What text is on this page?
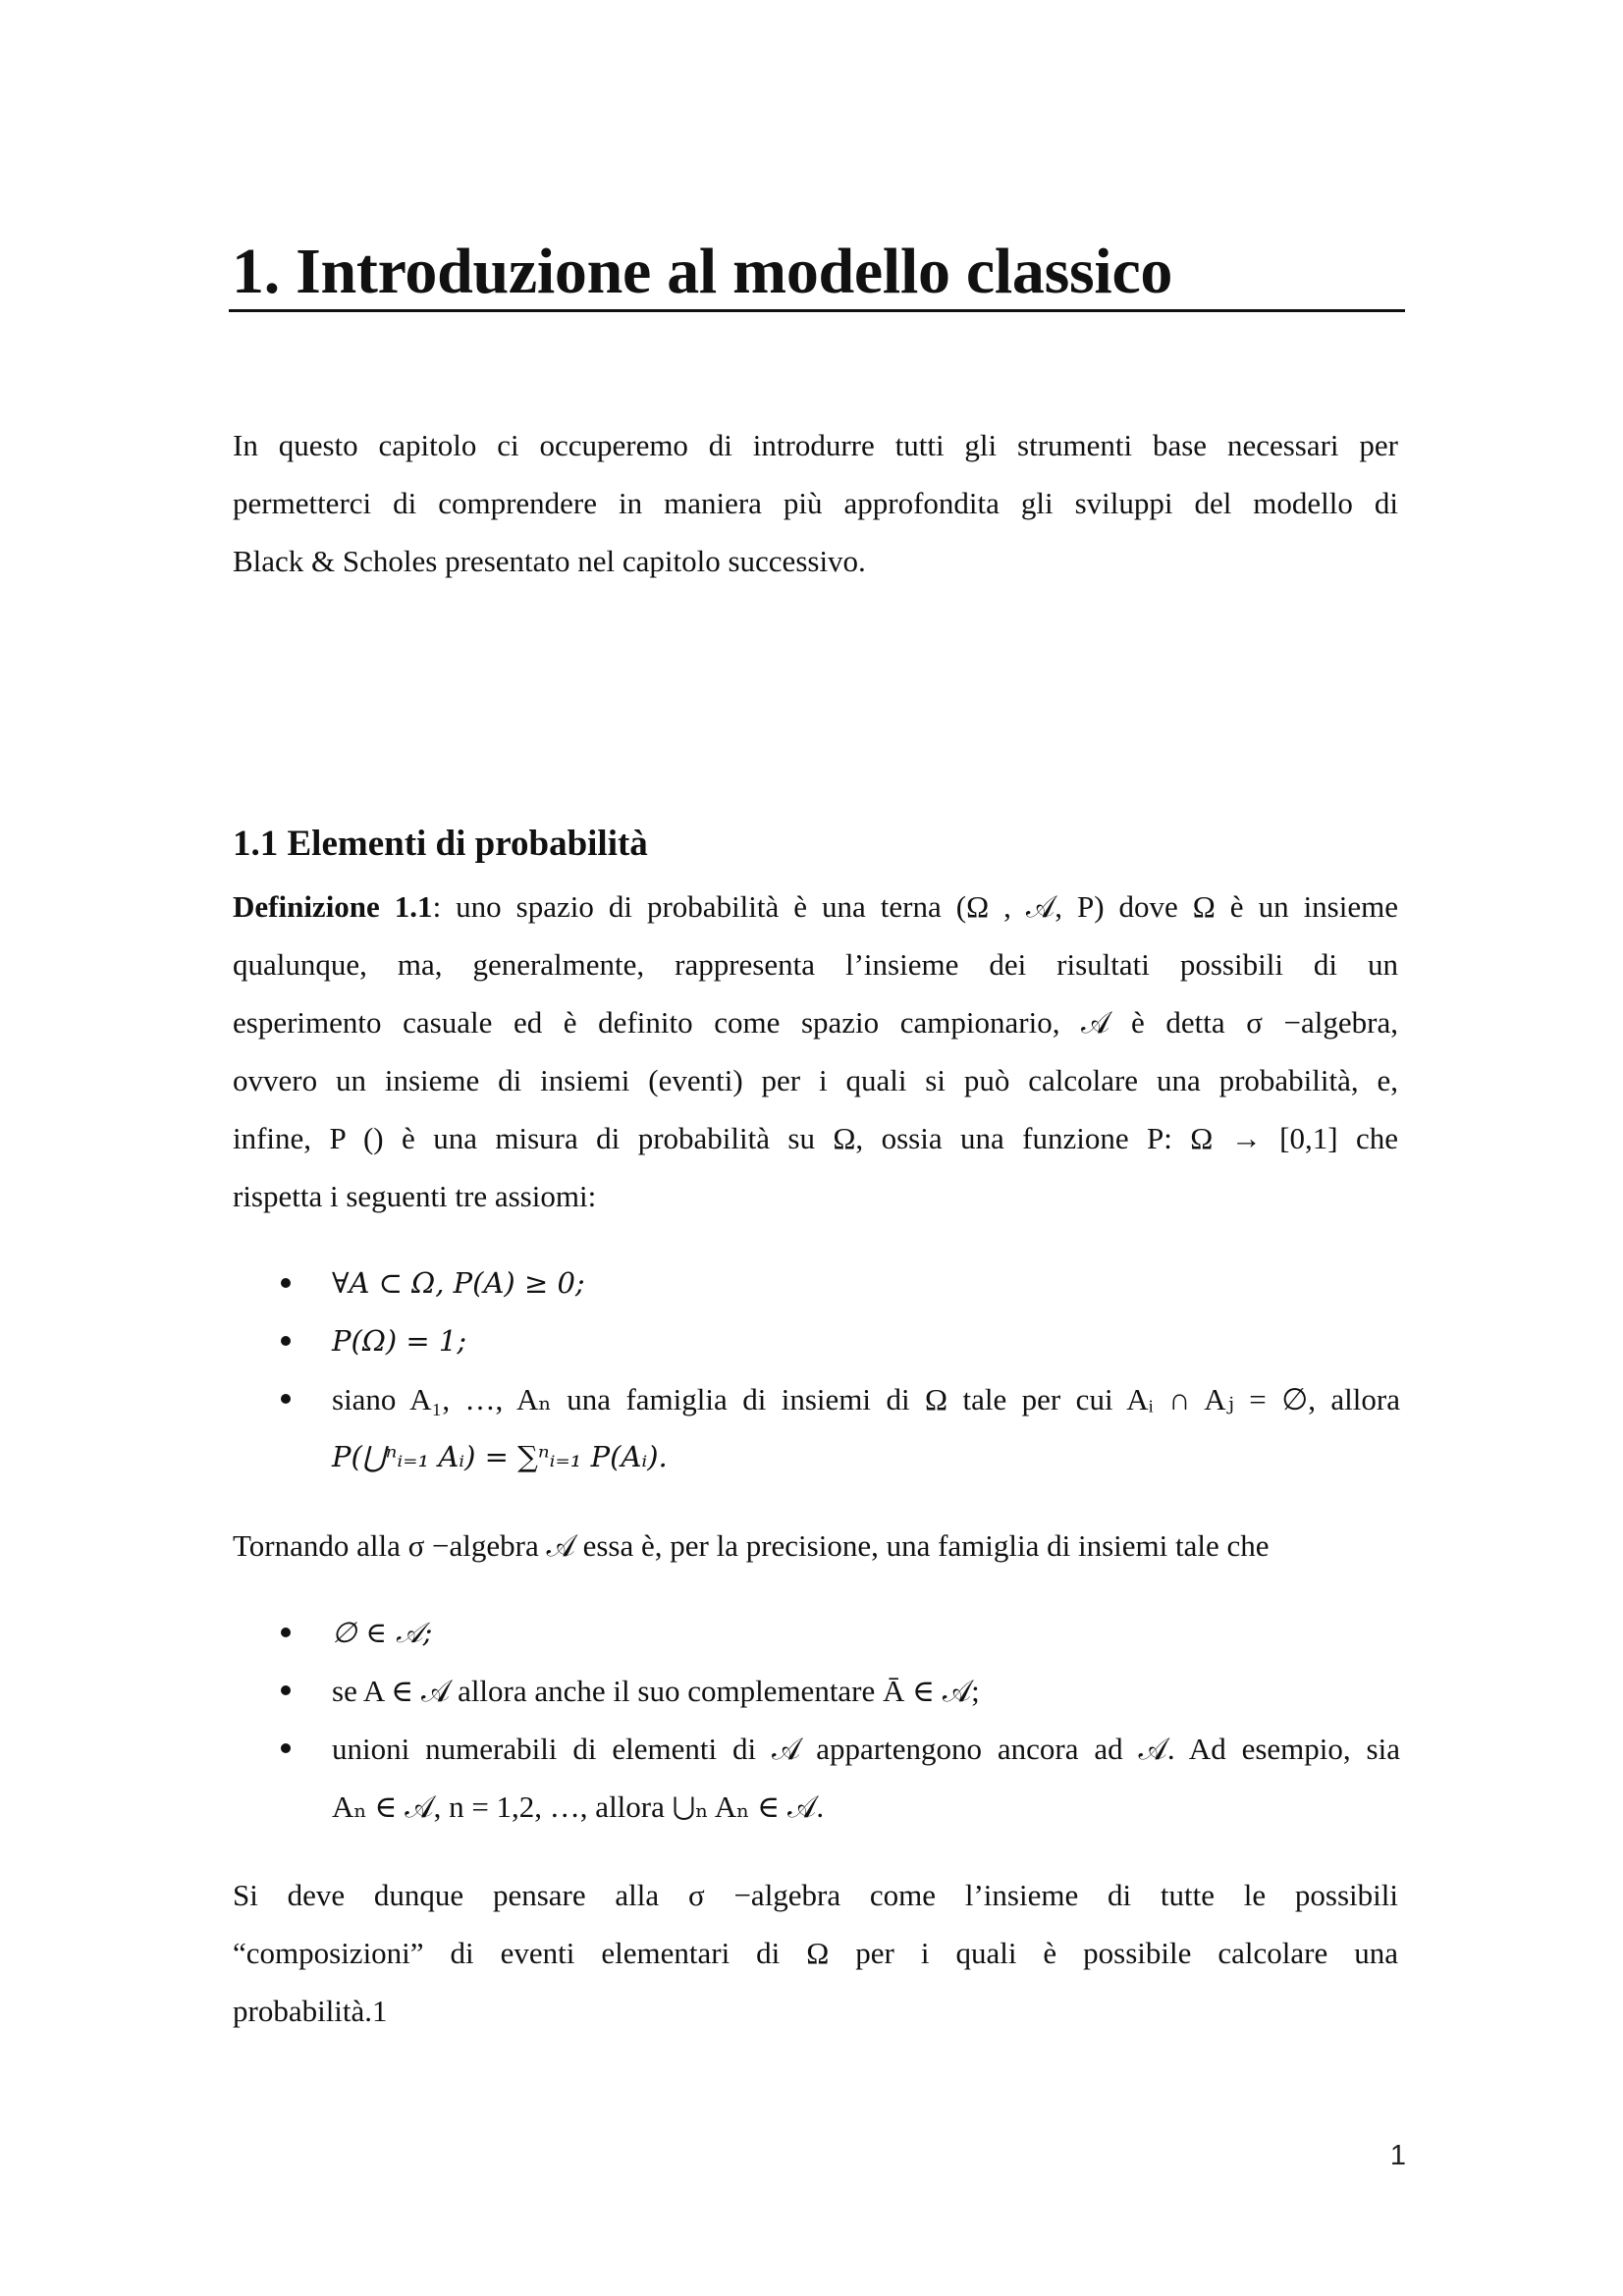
1. Introduzione al modello classico

In questo capitolo ci occuperemo di introdurre tutti gli strumenti base necessari per
permetterci di comprendere in maniera più approfondita gli sviluppi del modello di
Black & Scholes presentato nel capitolo successivo.

1.1 Elementi di probabilità

Definizione 1.1: uno spazio di probabilità è una terna (Ω , 𝒜, P) dove Ω è un insieme
qualunque, ma, generalmente, rappresenta l’insieme dei risultati possibili di un
esperimento casuale ed è definito come spazio campionario, 𝒜 è detta σ −algebra,
ovvero un insieme di insiemi (eventi) per i quali si può calcolare una probabilità, e,
infine, P () è una misura di probabilità su Ω, ossia una funzione P: Ω → [0,1] che
rispetta i seguenti tre assiomi:

∀A ⊂ Ω, P(A) ≥ 0;
P(Ω) = 1;
siano A₁, …, Aₙ una famiglia di insiemi di Ω tale per cui Aᵢ ∩ Aⱼ = ∅, allora
P(⋃ⁿᵢ₌₁ Aᵢ) = ∑ⁿᵢ₌₁ P(Aᵢ).

Tornando alla σ −algebra 𝒜 essa è, per la precisione, una famiglia di insiemi tale che

∅ ∈ 𝒜;
se A ∈ 𝒜 allora anche il suo complementare Ā ∈ 𝒜;
unioni numerabili di elementi di 𝒜 appartengono ancora ad 𝒜. Ad esempio, sia
Aₙ ∈ 𝒜, n = 1,2, …, allora ⋃ₙ Aₙ ∈ 𝒜.

Si deve dunque pensare alla σ −algebra come l’insieme di tutte le possibili
“composizioni” di eventi elementari di Ω per i quali è possibile calcolare una
probabilità.1

1
